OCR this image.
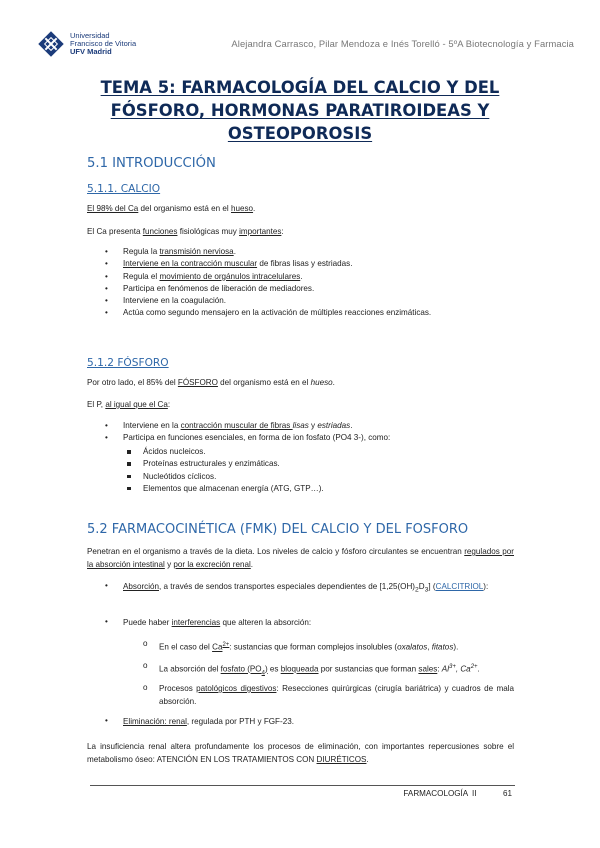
Universidad
Francisco de Vitoria
UFV Madrid
Alejandra Carrasco, Pilar Mendoza e Inés Torelló - 5ºA Biotecnología y Farmacia
TEMA 5: FARMACOLOGÍA DEL CALCIO Y DEL FÓSFORO, HORMONAS PARATIROIDEAS Y OSTEOPOROSIS
5.1 INTRODUCCIÓN
5.1.1. CALCIO
El 98% del Ca del organismo está en el hueso.
El Ca presenta funciones fisiológicas muy importantes:
• Regula la transmisión nerviosa.
• Interviene en la contracción muscular de fibras lisas y estriadas.
• Regula el movimiento de orgánulos intracelulares.
• Participa en fenómenos de liberación de mediadores.
• Interviene en la coagulación.
• Actúa como segundo mensajero en la activación de múltiples reacciones enzimáticas.
5.1.2 FÓSFORO
Por otro lado, el 85% del FÓSFORO del organismo está en el hueso.
El P, al igual que el Ca:
• Interviene en la contracción muscular de fibras lisas y estriadas.
• Participa en funciones esenciales, en forma de ion fosfato (PO4 3-), como:
Ácidos nucleicos.
Proteínas estructurales y enzimáticas.
Nucleótidos cíclicos.
Elementos que almacenan energía (ATG, GTP…).
5.2 FARMACOCINÉTICA (FMK) DEL CALCIO Y DEL FOSFORO
Penetran en el organismo a través de la dieta. Los niveles de calcio y fósforo circulantes se encuentran regulados por la absorción intestinal y por la excreción renal.
• Absorción, a través de sendos transportes especiales dependientes de $[1,25(OH)_2D_3]$ (CALCITRIOL):
• Puede haber interferencias que alteren la absorción:
o En el caso del $Ca^{2+}$: sustancias que forman complejos insolubles (oxalatos, fitatos).
o La absorción del fosfato $(PO_4)$ es bloqueada por sustancias que forman sales: $Al^{3+}$, $Ca^{2+}$.
o Procesos patológicos digestivos: Resecciones quirúrgicas (cirugía bariátrica) y cuadros de mala absorción.
• Eliminación: renal, regulada por PTH y FGF-23.
La insuficiencia renal altera profundamente los procesos de eliminación, con importantes repercusiones sobre el metabolismo óseo: ATENCIÓN EN LOS TRATAMIENTOS CON DIURÉTICOS.
FARMACOLOGÍA II	61
